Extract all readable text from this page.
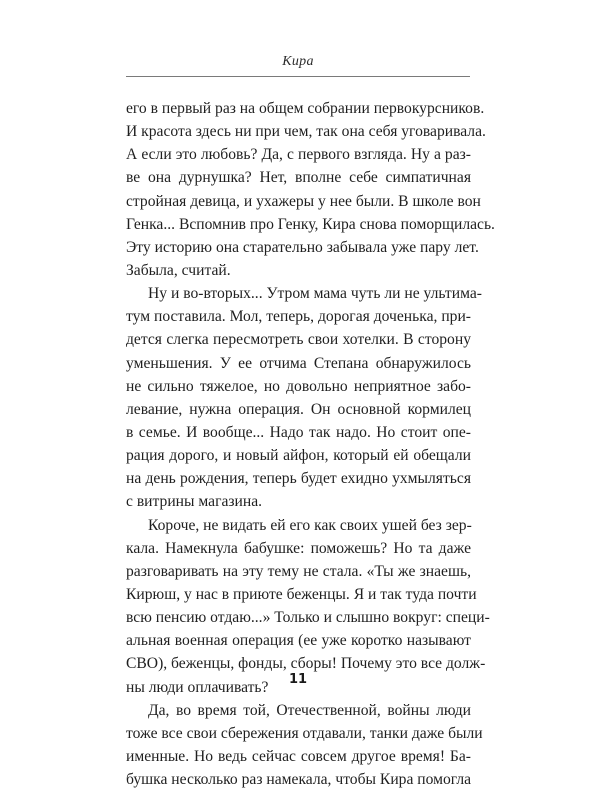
Кира
его в первый раз на общем собрании первокурсников.
И красота здесь ни при чем, так она себя уговаривала.
А если это любовь? Да, с первого взгляда. Ну а раз-
ве она дурнушка? Нет, вполне себе симпатичная
стройная девица, и ухажеры у нее были. В школе вон
Генка... Вспомнив про Генку, Кира снова поморщилась.
Эту историю она старательно забывала уже пару лет.
Забыла, считай.
Ну и во-вторых... Утром мама чуть ли не ультима-
тум поставила. Мол, теперь, дорогая доченька, при-
дется слегка пересмотреть свои хотелки. В сторону
уменьшения. У ее отчима Степана обнаружилось
не сильно тяжелое, но довольно неприятное забо-
левание, нужна операция. Он основной кормилец
в семье. И вообще... Надо так надо. Но стоит опе-
рация дорого, и новый айфон, который ей обещали
на день рождения, теперь будет ехидно ухмыляться
с витрины магазина.
Короче, не видать ей его как своих ушей без зер-
кала. Намекнула бабушке: поможешь? Но та даже
разговаривать на эту тему не стала. «Ты же знаешь,
Кирюш, у нас в приюте беженцы. Я и так туда почти
всю пенсию отдаю...» Только и слышно вокруг: специ-
альная военная операция (ее уже коротко называют
СВО), беженцы, фонды, сборы! Почему это все долж-
ны люди оплачивать?
Да, во время той, Отечественной, войны люди
тоже все свои сбережения отдавали, танки даже были
именные. Но ведь сейчас совсем другое время! Ба-
бушка несколько раз намекала, чтобы Кира помогла
11
